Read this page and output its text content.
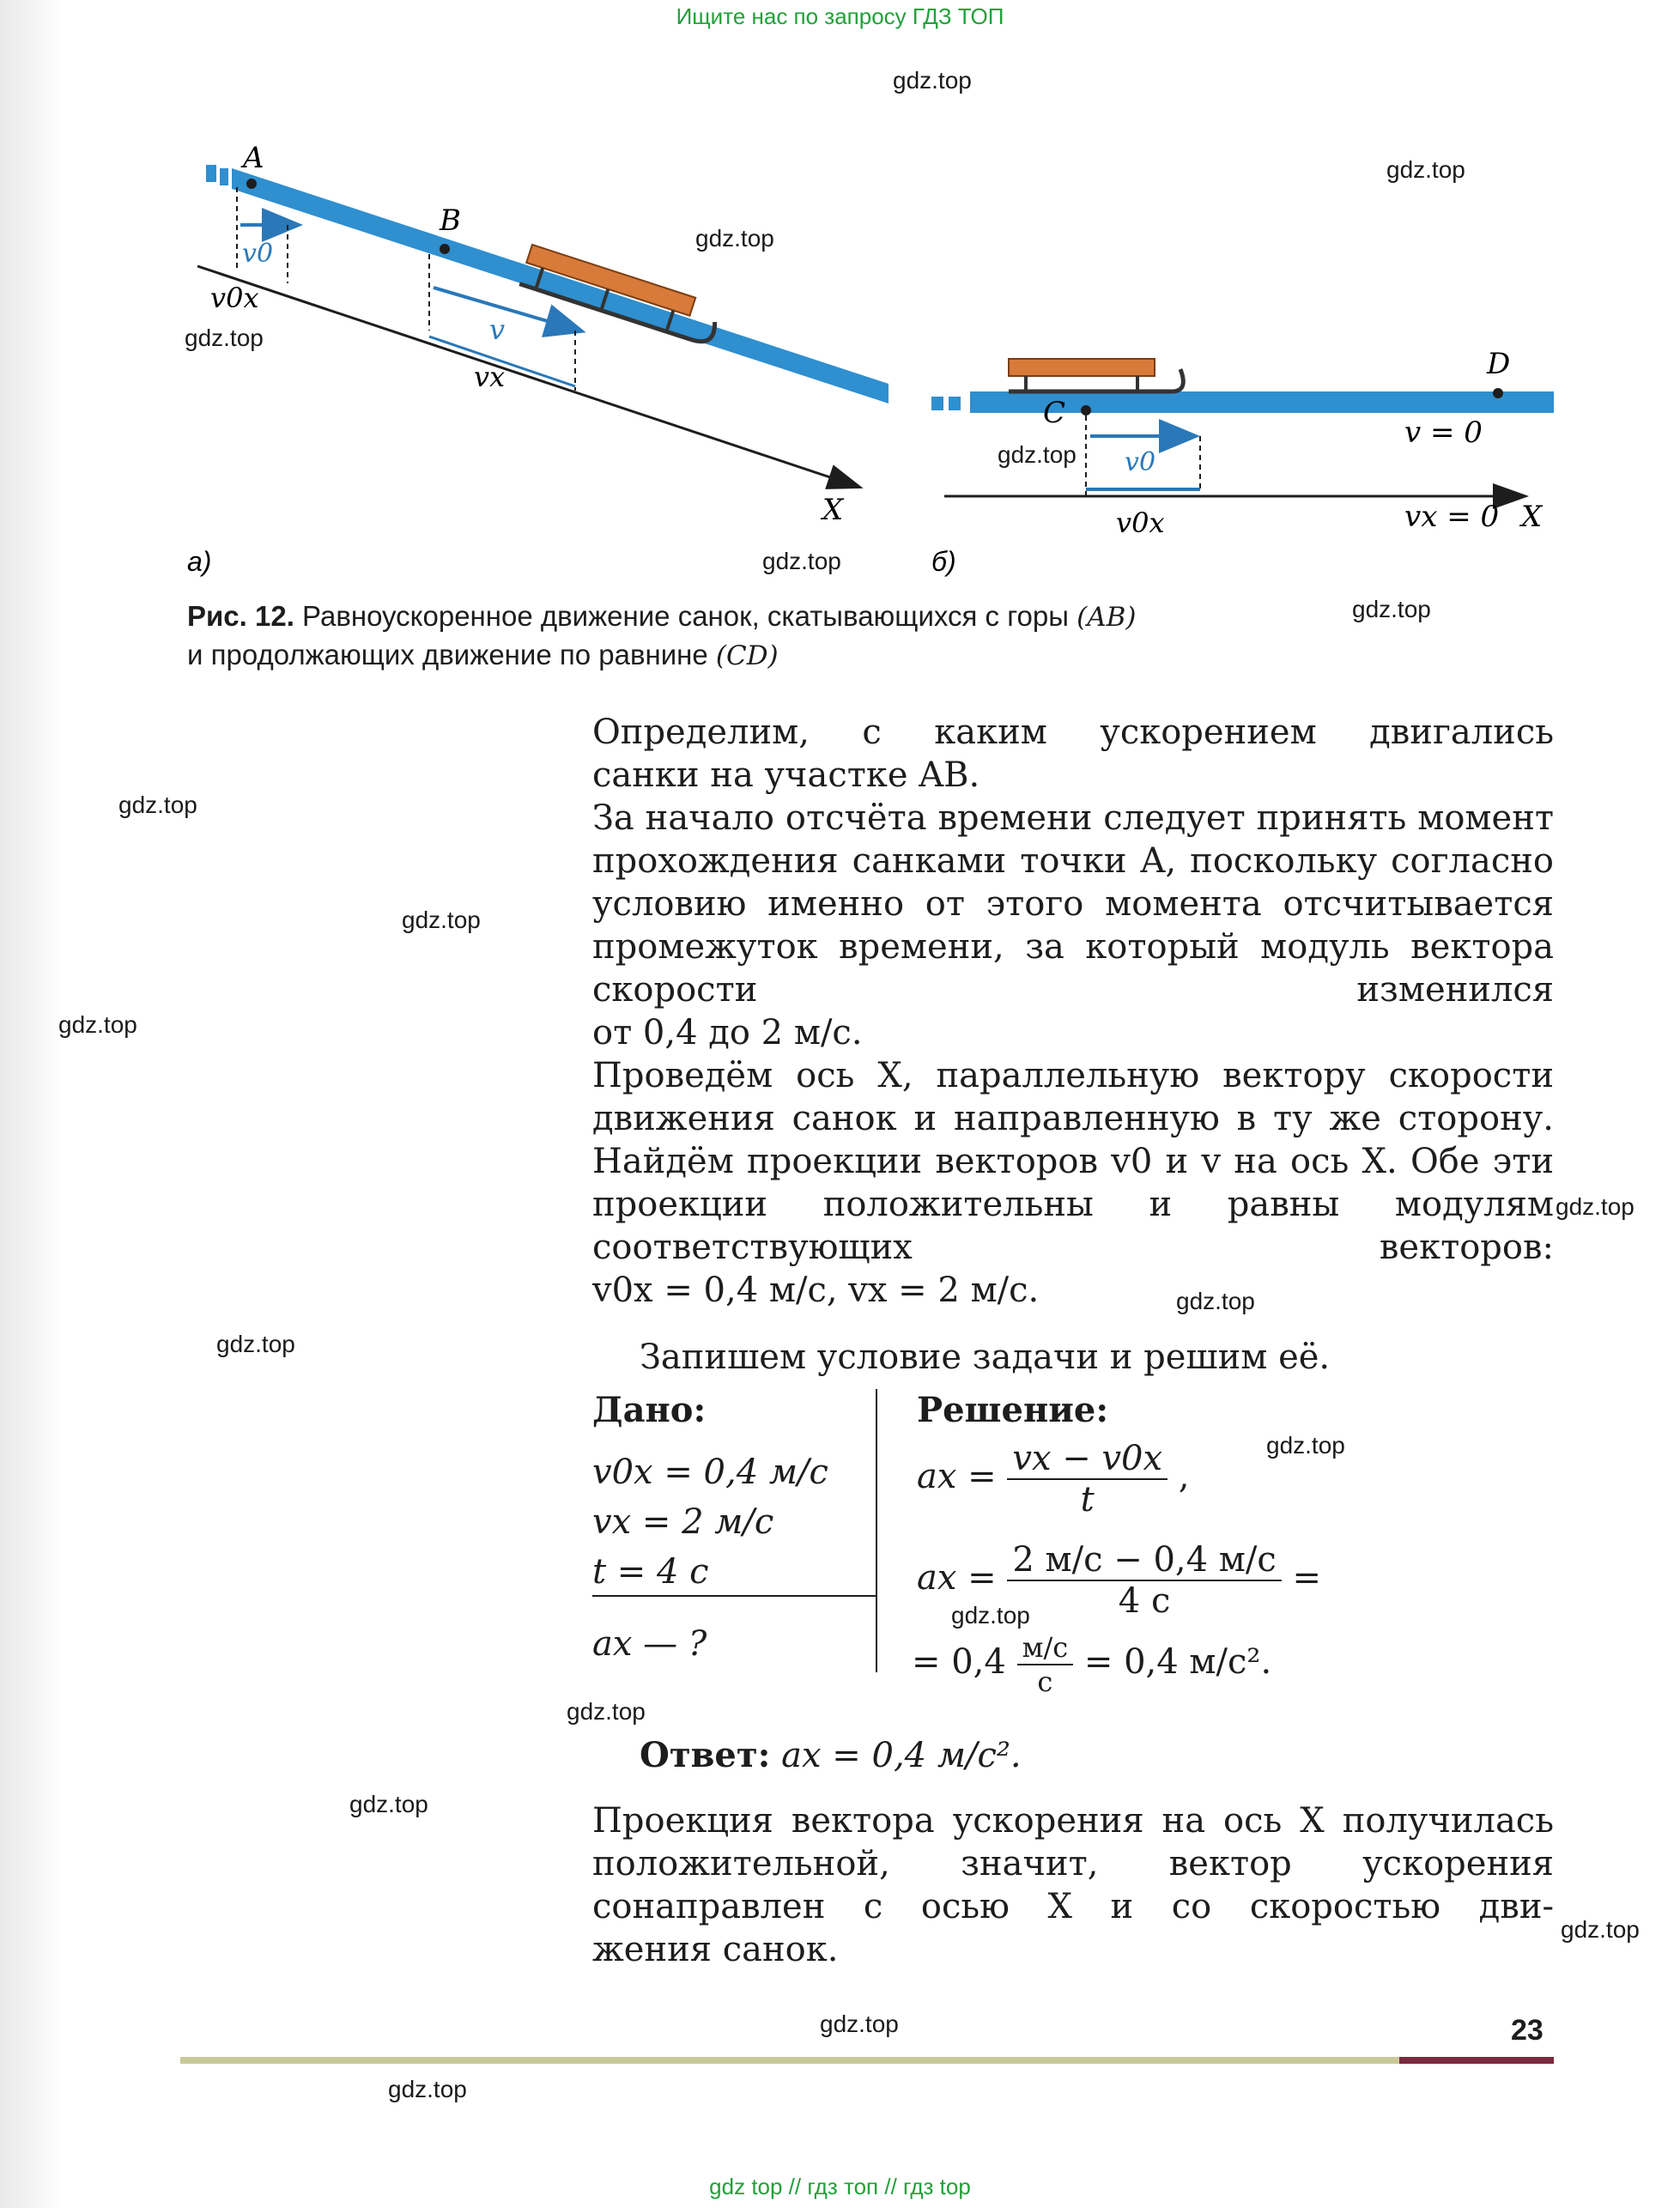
Ищите нас по запросу ГДЗ ТОП
A
B
v0
v0x
v
vx
X
а)
C
D
v0
v0x
v = 0
vx = 0 X
б)
Рис. 12. Равноускоренное движение санок, скатывающихся с горы (AB)
и продолжающих движение по равнине (CD)
Определим, с каким ускорением двигались
санки на участке AB.
За начало отсчёта времени следует принять момент прохождения санками точки A, поскольку согласно условию именно от этого момента отсчитывается промежуток времени, за который модуль вектора скорости изменился
от 0,4 до 2 м/с.
Проведём ось X, параллельную вектору скорости движения санок и направленную в ту же сторону. Найдём проекции векторов v0 и v на ось X. Обе эти проекции положительны и равны модулям соответствующих векторов:
v0x = 0,4 м/с, vx = 2 м/с.
Запишем условие задачи и решим её.
Дано:
v0x = 0,4 м/с
vx = 2 м/с
t = 4 с
ax — ?
Решение:
ax = $\frac{vx - v0x}{t}$ ,
ax = $\frac{2 м/с - 0,4 м/с}{4 с}$ =
= $0,4 \frac{м/с}{с} = 0,4$ м/с².
Ответ: ax = 0,4 м/с².
Проекция вектора ускорения на ось X получилась положительной, значит, вектор ускорения сонаправлен с осью X и со скоростью дви-
жения санок.
23
gdz.top
gdz.top
gdz.top
gdz.top
gdz.top
gdz.top
gdz.top
gdz.top
gdz.top
gdz.top
gdz.top
gdz.top
gdz.top
gdz.top
gdz.top
gdz.top
gdz.top
gdz.top
gdz.top
gdz.top
gdz top // гдз топ // гдз top
